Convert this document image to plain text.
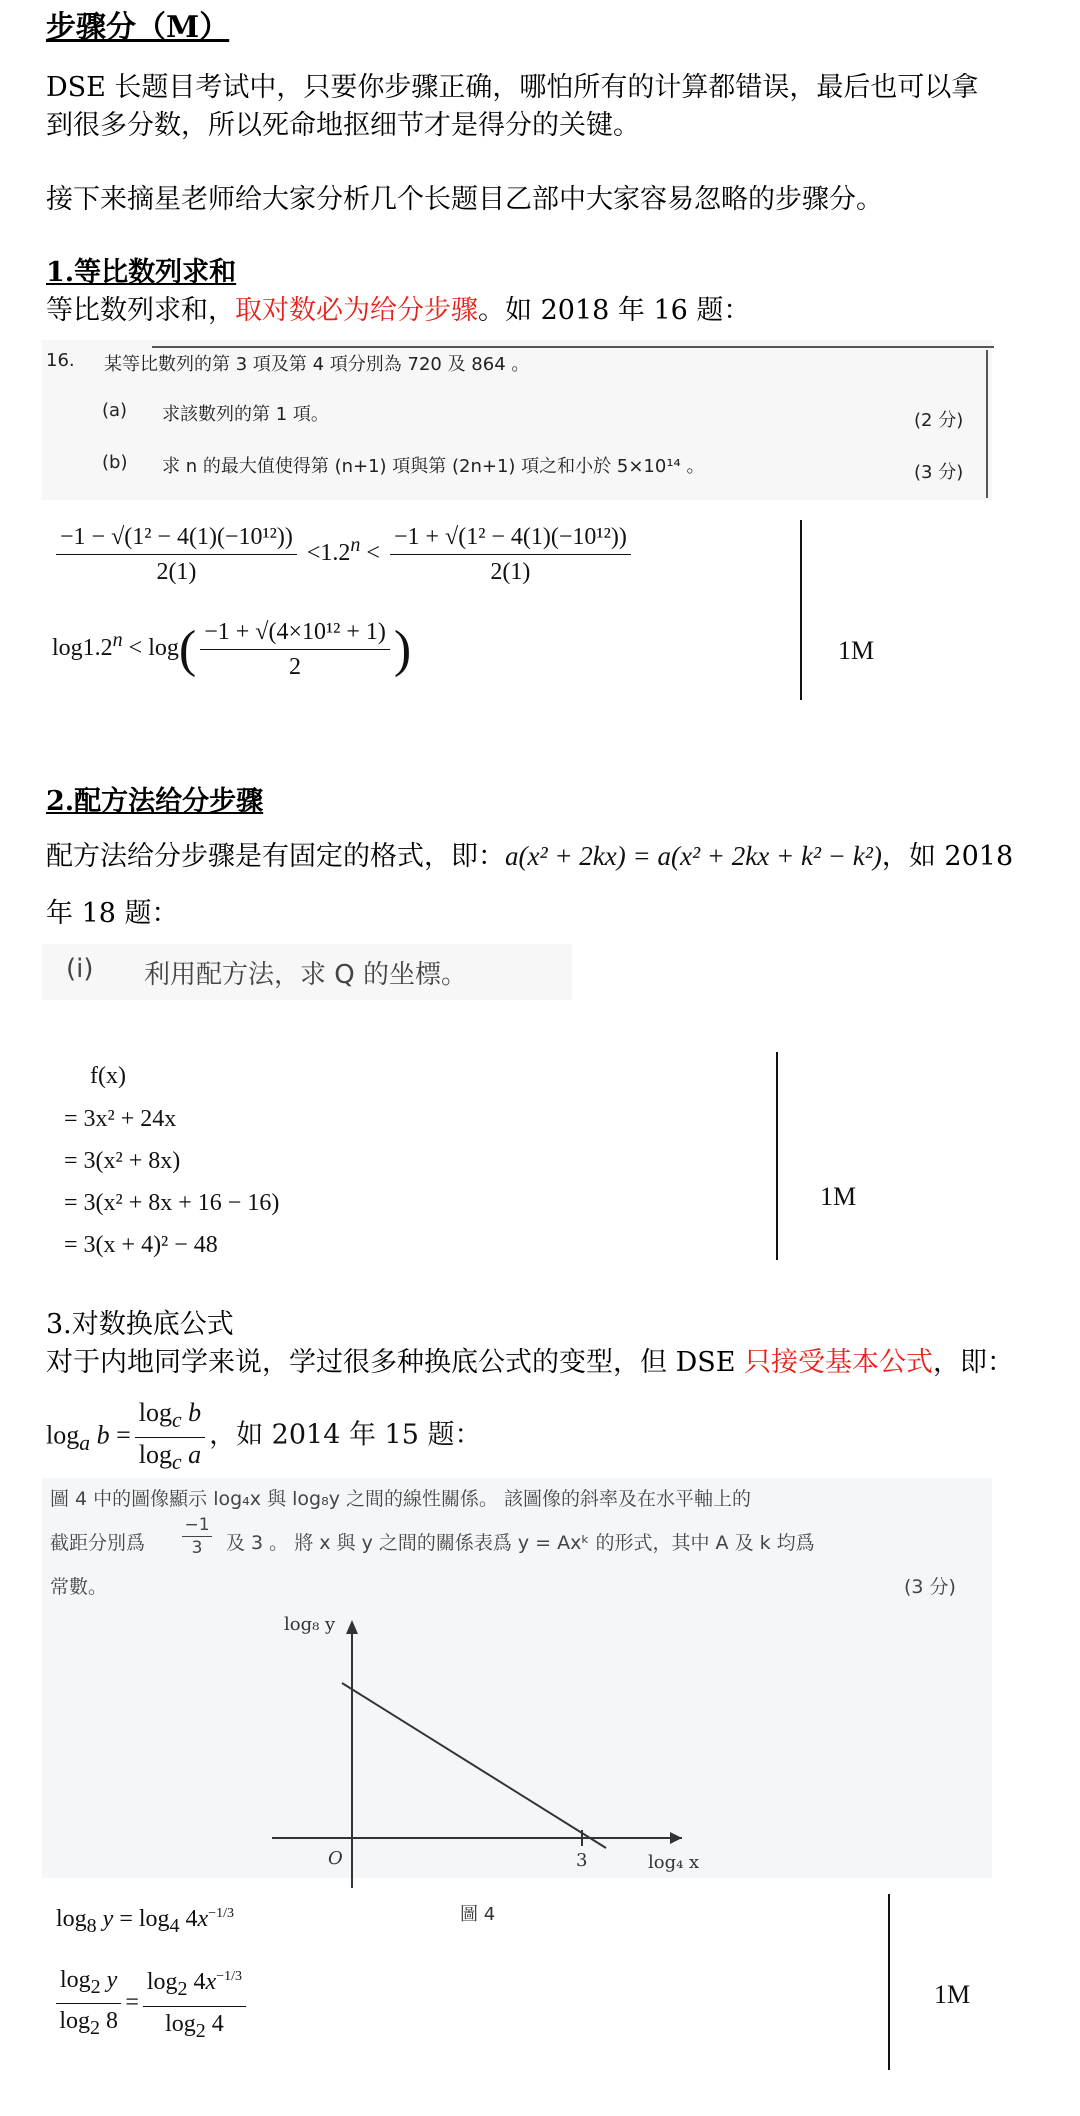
步骤分（M）
DSE 长题目考试中，只要你步骤正确，哪怕所有的计算都错误，最后也可以拿
到很多分数，所以死命地抠细节才是得分的关键。
接下来摘星老师给大家分析几个长题目乙部中大家容易忽略的步骤分。
1.等比数列求和
等比数列求和，取对数必为给分步骤。如 2018 年 16 题：
16. 某等比數列的第 3 項及第 4 項分別為 720 及 864 。
(a) 求該數列的第 1 項。	(2 分)
(b) 求 n 的最大值使得第 (n+1) 項與第 (2n+1) 項之和小於 5×10¹⁴ 。	(3 分)
$\frac{\text{−1 − √(1² − 4(1)(−10¹²))}}{2(1)} <1.2^n < \frac{\text{−1 + √(1² − 4(1)(−10¹²))}}{2(1)}$
$\log 1.2^n < \log( \frac{\text{−1 + √(4×10¹² + 1)}}{2}$ )	1M
2.配方法给分步骤
配方法给分步骤是有固定的格式，即：a(x² + 2kx) = a(x² + 2kx + k² − k²)，如 2018
年 18 题：
(i) 利用配方法，求 Q 的坐標。
f(x)
= 3x² + 24x
= 3(x² + 8x)
= 3(x² + 8x + 16 − 16)
= 3(x + 4)² − 48
1M
3.对数换底公式
对于内地同学来说，学过很多种换底公式的变型，但 DSE 只接受基本公式，即：
$\log_a b = \frac{\log_c b}{\log_c a}$ ，如 2014 年 15 题：
圖 4 中的圖像顯示 log₄x 與 log₈y 之間的線性關係。 該圖像的斜率及在水平軸上的
截距分別爲 $\frac{-1}{3}$ 及 3 。 將 x 與 y 之間的關係表爲 y = Axᵏ 的形式，其中 A 及 k 均爲
常數。	(3 分)
log₈ y
log₄ x
O	3
圖 4
$\log_8 y = \log_4 4x^{-1/3}$
$\frac{\log_2 y}{\log_2 8} = \frac{\log_2 4x^{-1/3}}{\log_2 4}$	1M
